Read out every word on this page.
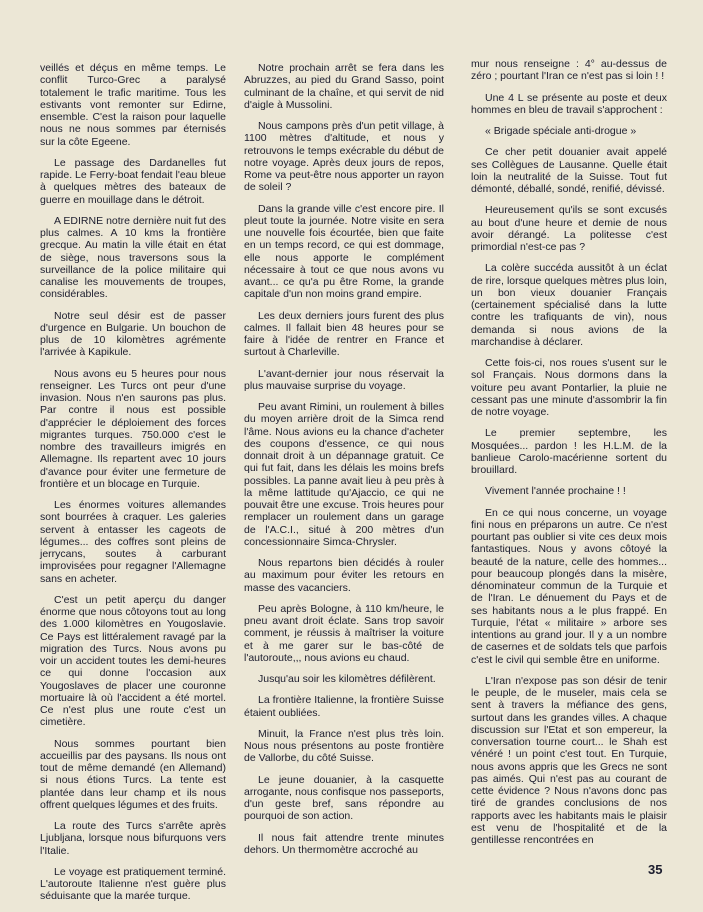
veillés et déçus en même temps. Le conflit Turco-Grec a paralysé totalement le trafic maritime. Tous les estivants vont remonter sur Edirne, ensemble. C'est la raison pour laquelle nous ne nous sommes par éternisés sur la côte Egeene.

Le passage des Dardanelles fut rapide. Le Ferry-boat fendait l'eau bleue à quelques mètres des bateaux de guerre en mouillage dans le détroit.

A EDIRNE notre dernière nuit fut des plus calmes. A 10 kms la frontière grecque. Au matin la ville était en état de siège, nous traversons sous la surveillance de la police militaire qui canalise les mouvements de troupes, considérables.

Notre seul désir est de passer d'urgence en Bulgarie. Un bouchon de plus de 10 kilomètres agrémente l'arrivée à Kapikule.

Nous avons eu 5 heures pour nous renseigner. Les Turcs ont peur d'une invasion. Nous n'en saurons pas plus. Par contre il nous est possible d'apprécier le déploiement des forces migrantes turques. 750.000 c'est le nombre des travailleurs imigrés en Allemagne. Ils repartent avec 10 jours d'avance pour éviter une fermeture de frontière et un blocage en Turquie.

Les énormes voitures allemandes sont bourrées à craquer. Les galeries servent à entasser les cageots de légumes... des coffres sont pleins de jerrycans, soutes à carburant improvisées pour regagner l'Allemagne sans en acheter.

C'est un petit aperçu du danger énorme que nous côtoyons tout au long des 1.000 kilomètres en Yougoslavie. Ce Pays est littéralement ravagé par la migration des Turcs. Nous avons pu voir un accident toutes les demi-heures ce qui donne l'occasion aux Yougoslaves de placer une couronne mortuaire là où l'accident a été mortel. Ce n'est plus une route c'est un cimetière.

Nous sommes pourtant bien accueillis par des paysans. Ils nous ont tout de même demandé (en Allemand) si nous étions Turcs. La tente est plantée dans leur champ et ils nous offrent quelques légumes et des fruits.

La route des Turcs s'arrête après Ljubljana, lorsque nous bifurquons vers l'Italie.

Le voyage est pratiquement terminé. L'autoroute Italienne n'est guère plus séduisante que la marée turque.

Notre prochain arrêt se fera dans les Abruzzes, au pied du Grand Sasso, point culminant de la chaîne, et qui servit de nid d'aigle à Mussolini.

Nous campons près d'un petit village, à 1100 mètres d'altitude, et nous y retrouvons le temps exécrable du début de notre voyage. Après deux jours de repos, Rome va peut-être nous apporter un rayon de soleil ?

Dans la grande ville c'est encore pire. Il pleut toute la journée. Notre visite en sera une nouvelle fois écourtée, bien que faite en un temps record, ce qui est dommage, elle nous apporte le complément nécessaire à tout ce que nous avons vu avant... ce qu'a pu être Rome, la grande capitale d'un non moins grand empire.

Les deux derniers jours furent des plus calmes. Il fallait bien 48 heures pour se faire à l'idée de rentrer en France et surtout à Charleville.

L'avant-dernier jour nous réservait la plus mauvaise surprise du voyage.

Peu avant Rimini, un roulement à billes du moyen arrière droit de la Simca rend l'âme. Nous avions eu la chance d'acheter des coupons d'essence, ce qui nous donnait droit à un dépannage gratuit. Ce qui fut fait, dans les délais les moins brefs possibles. La panne avait lieu à peu près à la même lattitude qu'Ajaccio, ce qui ne pouvait être une excuse. Trois heures pour remplacer un roulement dans un garage de l'A.C.I., situé à 200 mètres d'un concessionnaire Simca-Chrysler.

Nous repartons bien décidés à rouler au maximum pour éviter les retours en masse des vacanciers.

Peu après Bologne, à 110 km/heure, le pneu avant droit éclate. Sans trop savoir comment, je réussis à maîtriser la voiture et à me garer sur le bas-côté de l'autoroute,,, nous avions eu chaud.

Jusqu'au soir les kilomètres défilèrent.

La frontière Italienne, la frontière Suisse étaient oubliées.

Minuit, la France n'est plus très loin. Nous nous présentons au poste frontière de Vallorbe, du côté Suisse.

Le jeune douanier, à la casquette arrogante, nous confisque nos passeports, d'un geste bref, sans répondre au pourquoi de son action.

Il nous fait attendre trente minutes dehors. Un thermomètre accroché au

mur nous renseigne : 4° au-dessus de zéro ; pourtant l'Iran ce n'est pas si loin ! !

Une 4 L se présente au poste et deux hommes en bleu de travail s'approchent :

« Brigade spéciale anti-drogue »

Ce cher petit douanier avait appelé ses Collègues de Lausanne. Quelle était loin la neutralité de la Suisse. Tout fut démonté, déballé, sondé, renifié, dévissé.

Heureusement qu'ils se sont excusés au bout d'une heure et demie de nous avoir dérangé. La politesse c'est primordial n'est-ce pas ?

La colère succéda aussitôt à un éclat de rire, lorsque quelques mètres plus loin, un bon vieux douanier Français (certainement spécialisé dans la lutte contre les trafiquants de vin), nous demanda si nous avions de la marchandise à déclarer.

Cette fois-ci, nos roues s'usent sur le sol Français. Nous dormons dans la voiture peu avant Pontarlier, la pluie ne cessant pas une minute d'assombrir la fin de notre voyage.

Le premier septembre, les Mosquées... pardon ! les H.L.M. de la banlieue Carolo-macérienne sortent du brouillard.

Vivement l'année prochaine ! !

En ce qui nous concerne, un voyage fini nous en préparons un autre. Ce n'est pourtant pas oublier si vite ces deux mois fantastiques. Nous y avons côtoyé la beauté de la nature, celle des hommes... pour beaucoup plongés dans la misère, dénominateur commun de la Turquie et de l'Iran. Le dénuement du Pays et de ses habitants nous a le plus frappé. En Turquie, l'état « militaire » arbore ses intentions au grand jour. Il y a un nombre de casernes et de soldats tels que parfois c'est le civil qui semble être en uniforme.

L'Iran n'expose pas son désir de tenir le peuple, de le museler, mais cela se sent à travers la méfiance des gens, surtout dans les grandes villes. A chaque discussion sur l'Etat et son empereur, la conversation tourne court... le Shah est vénéré ! un point c'est tout. En Turquie, nous avons appris que les Grecs ne sont pas aimés. Qui n'est pas au courant de cette évidence ? Nous n'avons donc pas tiré de grandes conclusions de nos rapports avec les habitants mais le plaisir est venu de l'hospitalité et de la gentillesse rencontrées en

35
